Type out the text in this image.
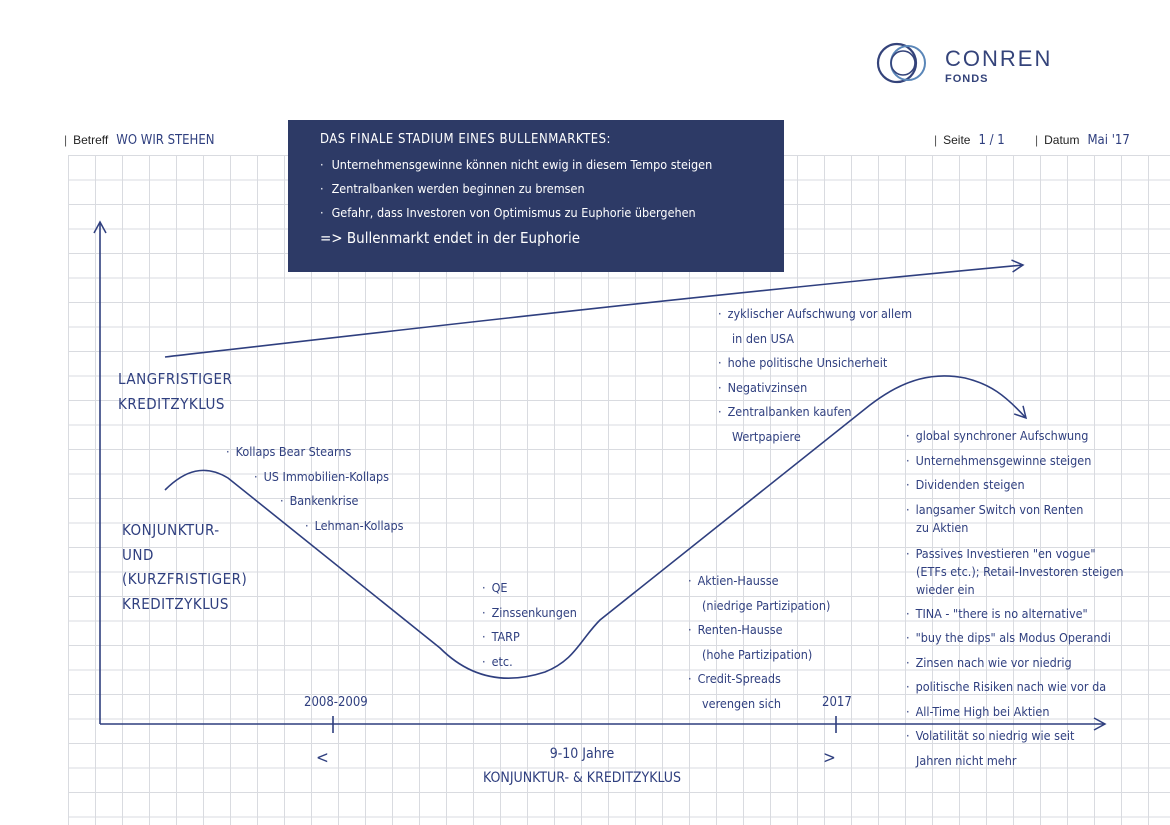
CONREN
FONDS
| Betreff WO WIR STEHEN	| Seite 1 / 1	| Datum Mai '17
DAS FINALE STADIUM EINES BULLENMARKTES:
· Unternehmensgewinne können nicht ewig in diesem Tempo steigen
· Zentralbanken werden beginnen zu bremsen
· Gefahr, dass Investoren von Optimismus zu Euphorie übergehen
=> Bullenmarkt endet in der Euphorie
LANGFRISTIGER
KREDITZYKLUS
KONJUNKTUR-
UND
(KURZFRISTIGER)
KREDITZYKLUS
2008-2009	2017
<	>
9-10 Jahre
KONJUNKTUR- & KREDITZYKLUS
· Kollaps Bear Stearns
· US Immobilien-Kollaps
· Bankenkrise
· Lehman-Kollaps
· QE
· Zinssenkungen
· TARP
· etc.
· Aktien-Hausse
(niedrige Partizipation)
· Renten-Hausse
(hohe Partizipation)
· Credit-Spreads
verengen sich
· zyklischer Aufschwung vor allem
in den USA
· hohe politische Unsicherheit
· Negativzinsen
· Zentralbanken kaufen
Wertpapiere	· global synchroner Aufschwung
· Unternehmensgewinne steigen
· Dividenden steigen
· langsamer Switch von Renten
zu Aktien
· Passives Investieren "en vogue"
(ETFs etc.); Retail-Investoren steigen
wieder ein
· TINA - "there is no alternative"
· "buy the dips" als Modus Operandi
· Zinsen nach wie vor niedrig
· politische Risiken nach wie vor da
· All-Time High bei Aktien
· Volatilität so niedrig wie seit
Jahren nicht mehr
